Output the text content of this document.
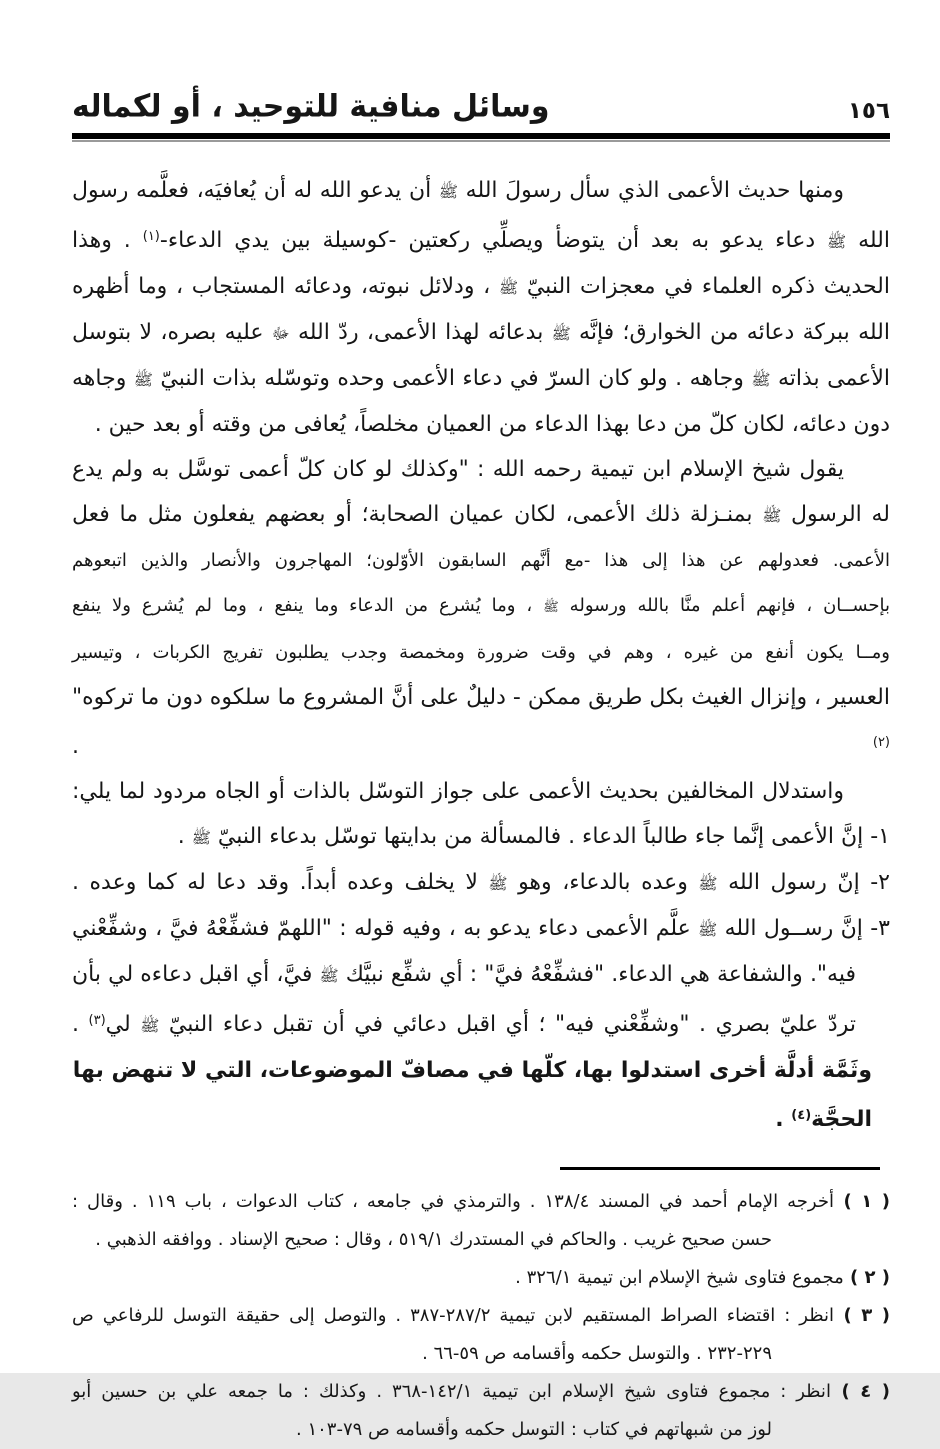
١٥٦
وسائل منافية للتوحيد ، أو لكماله
ومنها حديث الأعمى الذي سأل رسولَ الله ﷺ أن يدعو الله له أن يُعافيَه، فعلَّمه رسول
الله ﷺ دعاء يدعو به بعد أن يتوضأ ويصلِّي ركعتين -كوسيلة بين يدي الدعاء-$^{(١)}$ . وهذا
الحديث ذكره العلماء في معجزات النبيّ ﷺ ، ودلائل نبوته، ودعائه المستجاب ، وما أظهره
الله ببركة دعائه من الخوارق؛ فإنَّه ﷺ بدعائه لهذا الأعمى، ردّ الله ﷻ عليه بصره، لا بتوسل
الأعمى بذاته ﷺ وجاهه . ولو كان السرّ في دعاء الأعمى وحده وتوسّله بذات النبيّ ﷺ وجاهه
دون دعائه، لكان كلّ من دعا بهذا الدعاء من العميان مخلصاً، يُعافى من وقته أو بعد حين .
يقول شيخ الإسلام ابن تيمية رحمه الله : "وكذلك لو كان كلّ أعمى توسَّل به ولم يدع
له الرسول ﷺ بمنـزلة ذلك الأعمى، لكان عميان الصحابة؛ أو بعضهم يفعلون مثل ما فعل
الأعمى. فعدولهم عن هذا إلى هذا -مع أنَّهم السابقون الأوّلون؛ المهاجرون والأنصار والذين اتبعوهم
بإحســان ، فإنهم أعلم منَّا بالله ورسوله ﷺ ، وما يُشرع من الدعاء وما ينفع ، وما لم يُشرع ولا ينفع
ومــا يكون أنفع من غيره ، وهم في وقت ضرورة ومخمصة وجدب يطلبون تفريج الكربات ، وتيسير
العسير ، وإنزال الغيث بكل طريق ممكن - دليلٌ على أنَّ المشروع ما سلكوه دون ما تركوه"$^{(٢)}$ .
واستدلال المخالفين بحديث الأعمى على جواز التوسّل بالذات أو الجاه مردود لما يلي:
١- إنَّ الأعمى إنَّما جاء طالباً الدعاء . فالمسألة من بدايتها توسّل بدعاء النبيّ ﷺ .
٢- إنّ رسول الله ﷺ وعده بالدعاء، وهو ﷺ لا يخلف وعده أبداً. وقد دعا له كما وعده .
٣- إنَّ رســول الله ﷺ علَّم الأعمى دعاء يدعو به ، وفيه قوله : "اللهمّ فشفِّعْهُ فيَّ ، وشفِّعْني
فيه". والشفاعة هي الدعاء. "فشفِّعْهُ فيَّ" : أي شفِّع نبيَّك ﷺ فيَّ، أي اقبل دعاءه لي بأن
تردّ عليّ بصري . "وشفِّعْني فيه" ؛ أي اقبل دعائي في أن تقبل دعاء النبيّ ﷺ لي$^{(٣)}$ .
وثَمَّة أدلَّة أخرى استدلوا بها، كلّها في مصافّ الموضوعات، التي لا تنهض بها الحجَّة$^{(٤)}$ .
( ١ ) أخرجه الإمام أحمد في المسند ١٣٨/٤ . والترمذي في جامعه ، كتاب الدعوات ، باب ١١٩ . وقال :
حسن صحيح غريب . والحاكم في المستدرك ٥١٩/١ ، وقال : صحيح الإسناد . ووافقه الذهبي .
( ٢ ) مجموع فتاوى شيخ الإسلام ابن تيمية ٣٢٦/١ .
( ٣ ) انظر : اقتضاء الصراط المستقيم لابن تيمية ٢٨٧/٢-٣٨٧ . والتوصل إلى حقيقة التوسل للرفاعي ص
٢٢٩-٢٣٢ . والتوسل حكمه وأقسامه ص ٥٩-٦٦ .
( ٤ ) انظر : مجموع فتاوى شيخ الإسلام ابن تيمية ١٤٢/١-٣٦٨ . وكذلك : ما جمعه علي بن حسين أبو
لوز من شبهاتهم في كتاب : التوسل حكمه وأقسامه ص ٧٩-١٠٣ .
